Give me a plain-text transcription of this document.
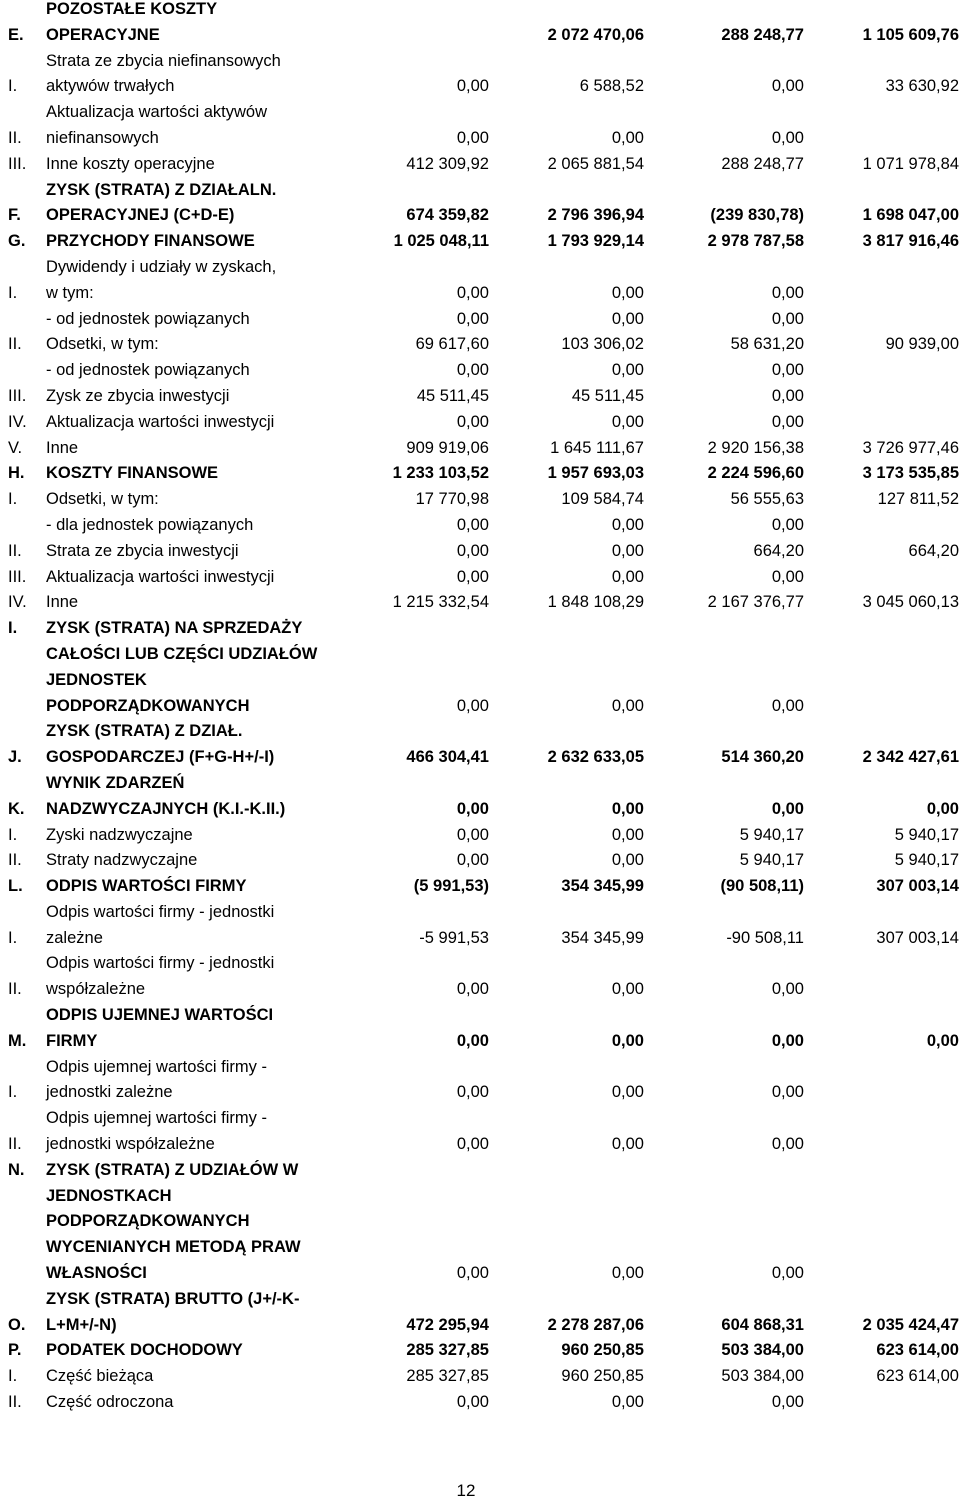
E.
POZOSTAŁE KOSZTY
OPERACYJNE	2 072 470,06	288 248,77	1 105 609,76
I.
Strata ze zbycia niefinansowych
aktywów trwałych	0,00	6 588,52	0,00	33 630,92
II.
Aktualizacja wartości aktywów
niefinansowych	0,00	0,00	0,00
III. Inne koszty operacyjne	412 309,92	2 065 881,54	288 248,77	1 071 978,84
F.
ZYSK (STRATA) Z DZIAŁALN.
OPERACYJNEJ (C+D-E)	674 359,82	2 796 396,94	(239 830,78)	1 698 047,00
G. PRZYCHODY FINANSOWE	1 025 048,11	1 793 929,14	2 978 787,58	3 817 916,46
I.
Dywidendy i udziały w zyskach,
w tym:	0,00	0,00	0,00
- od jednostek powiązanych	0,00	0,00	0,00
II. Odsetki, w tym:	69 617,60	103 306,02	58 631,20	90 939,00
- od jednostek powiązanych	0,00	0,00	0,00
III. Zysk ze zbycia inwestycji	45 511,45	45 511,45	0,00
IV. Aktualizacja wartości inwestycji	0,00	0,00	0,00
V. Inne	909 919,06	1 645 111,67	2 920 156,38	3 726 977,46
H. KOSZTY FINANSOWE	1 233 103,52	1 957 693,03	2 224 596,60	3 173 535,85
I. Odsetki, w tym:	17 770,98	109 584,74	56 555,63	127 811,52
- dla jednostek powiązanych	0,00	0,00	0,00
II. Strata ze zbycia inwestycji	0,00	0,00	664,20	664,20
III. Aktualizacja wartości inwestycji	0,00	0,00	0,00
IV. Inne	1 215 332,54	1 848 108,29	2 167 376,77	3 045 060,13
I. ZYSK (STRATA) NA SPRZEDAŻY
CAŁOŚCI LUB CZĘŚCI UDZIAŁÓW
JEDNOSTEK
PODPORZĄDKOWANYCH	0,00	0,00	0,00
J.
ZYSK (STRATA) Z DZIAŁ.
GOSPODARCZEJ (F+G-H+/-I)	466 304,41	2 632 633,05	514 360,20	2 342 427,61
K.
WYNIK ZDARZEŃ
NADZWYCZAJNYCH (K.I.-K.II.)	0,00	0,00	0,00	0,00
I. Zyski nadzwyczajne	0,00	0,00	5 940,17	5 940,17
II. Straty nadzwyczajne	0,00	0,00	5 940,17	5 940,17
L. ODPIS WARTOŚCI FIRMY	(5 991,53)	354 345,99	(90 508,11)	307 003,14
I.
Odpis wartości firmy - jednostki
zależne	-5 991,53	354 345,99	-90 508,11	307 003,14
II.
Odpis wartości firmy - jednostki
współzależne	0,00	0,00	0,00
M.
ODPIS UJEMNEJ WARTOŚCI
FIRMY	0,00	0,00	0,00	0,00
I.
Odpis ujemnej wartości firmy -
jednostki zależne	0,00	0,00	0,00
II.
Odpis ujemnej wartości firmy -
jednostki współzależne	0,00	0,00	0,00
N. ZYSK (STRATA) Z UDZIAŁÓW W
JEDNOSTKACH
PODPORZĄDKOWANYCH
WYCENIANYCH METODĄ PRAW
WŁASNOŚCI	0,00	0,00	0,00
O.
ZYSK (STRATA) BRUTTO (J+/-K-
L+M+/-N)	472 295,94	2 278 287,06	604 868,31	2 035 424,47
P. PODATEK DOCHODOWY	285 327,85	960 250,85	503 384,00	623 614,00
I. Część bieżąca	285 327,85	960 250,85	503 384,00	623 614,00
II. Część odroczona	0,00	0,00	0,00
12
